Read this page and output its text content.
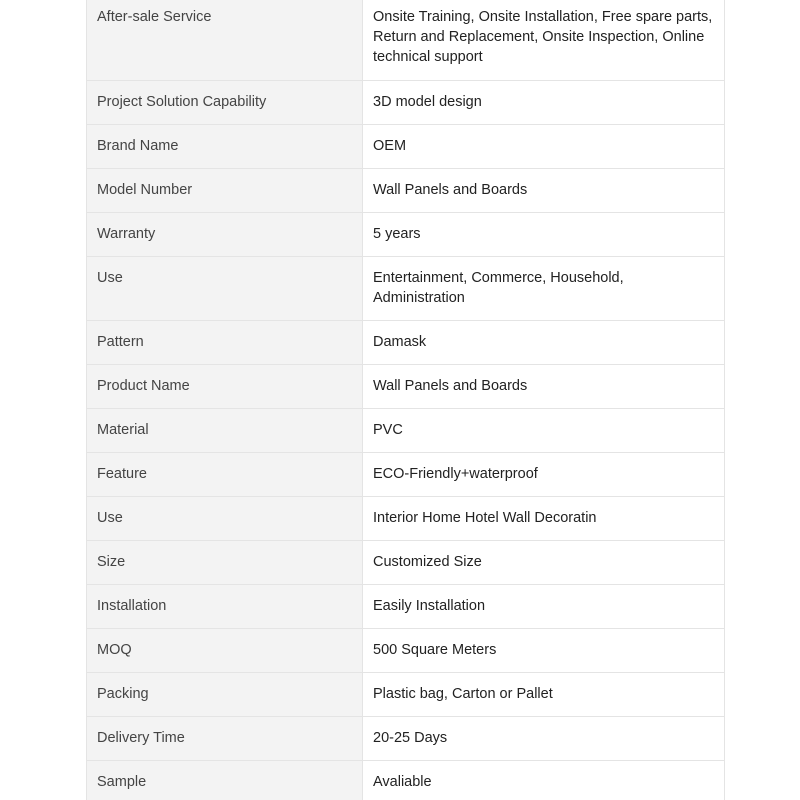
After-sale Service	Onsite Training, Onsite Installation, Free spare parts, Return and Replacement, Onsite Inspection, Online technical support
Project Solution Capability	3D model design
Brand Name	OEM
Model Number	Wall Panels and Boards
Warranty	5 years
Use	Entertainment, Commerce, Household, Administration
Pattern	Damask
Product Name	Wall Panels and Boards
Material	PVC
Feature	ECO-Friendly+waterproof
Use	Interior Home Hotel Wall Decoratin
Size	Customized Size
Installation	Easily Installation
MOQ	500 Square Meters
Packing	Plastic bag, Carton or Pallet
Delivery Time	20-25 Days
Sample	Avaliable
